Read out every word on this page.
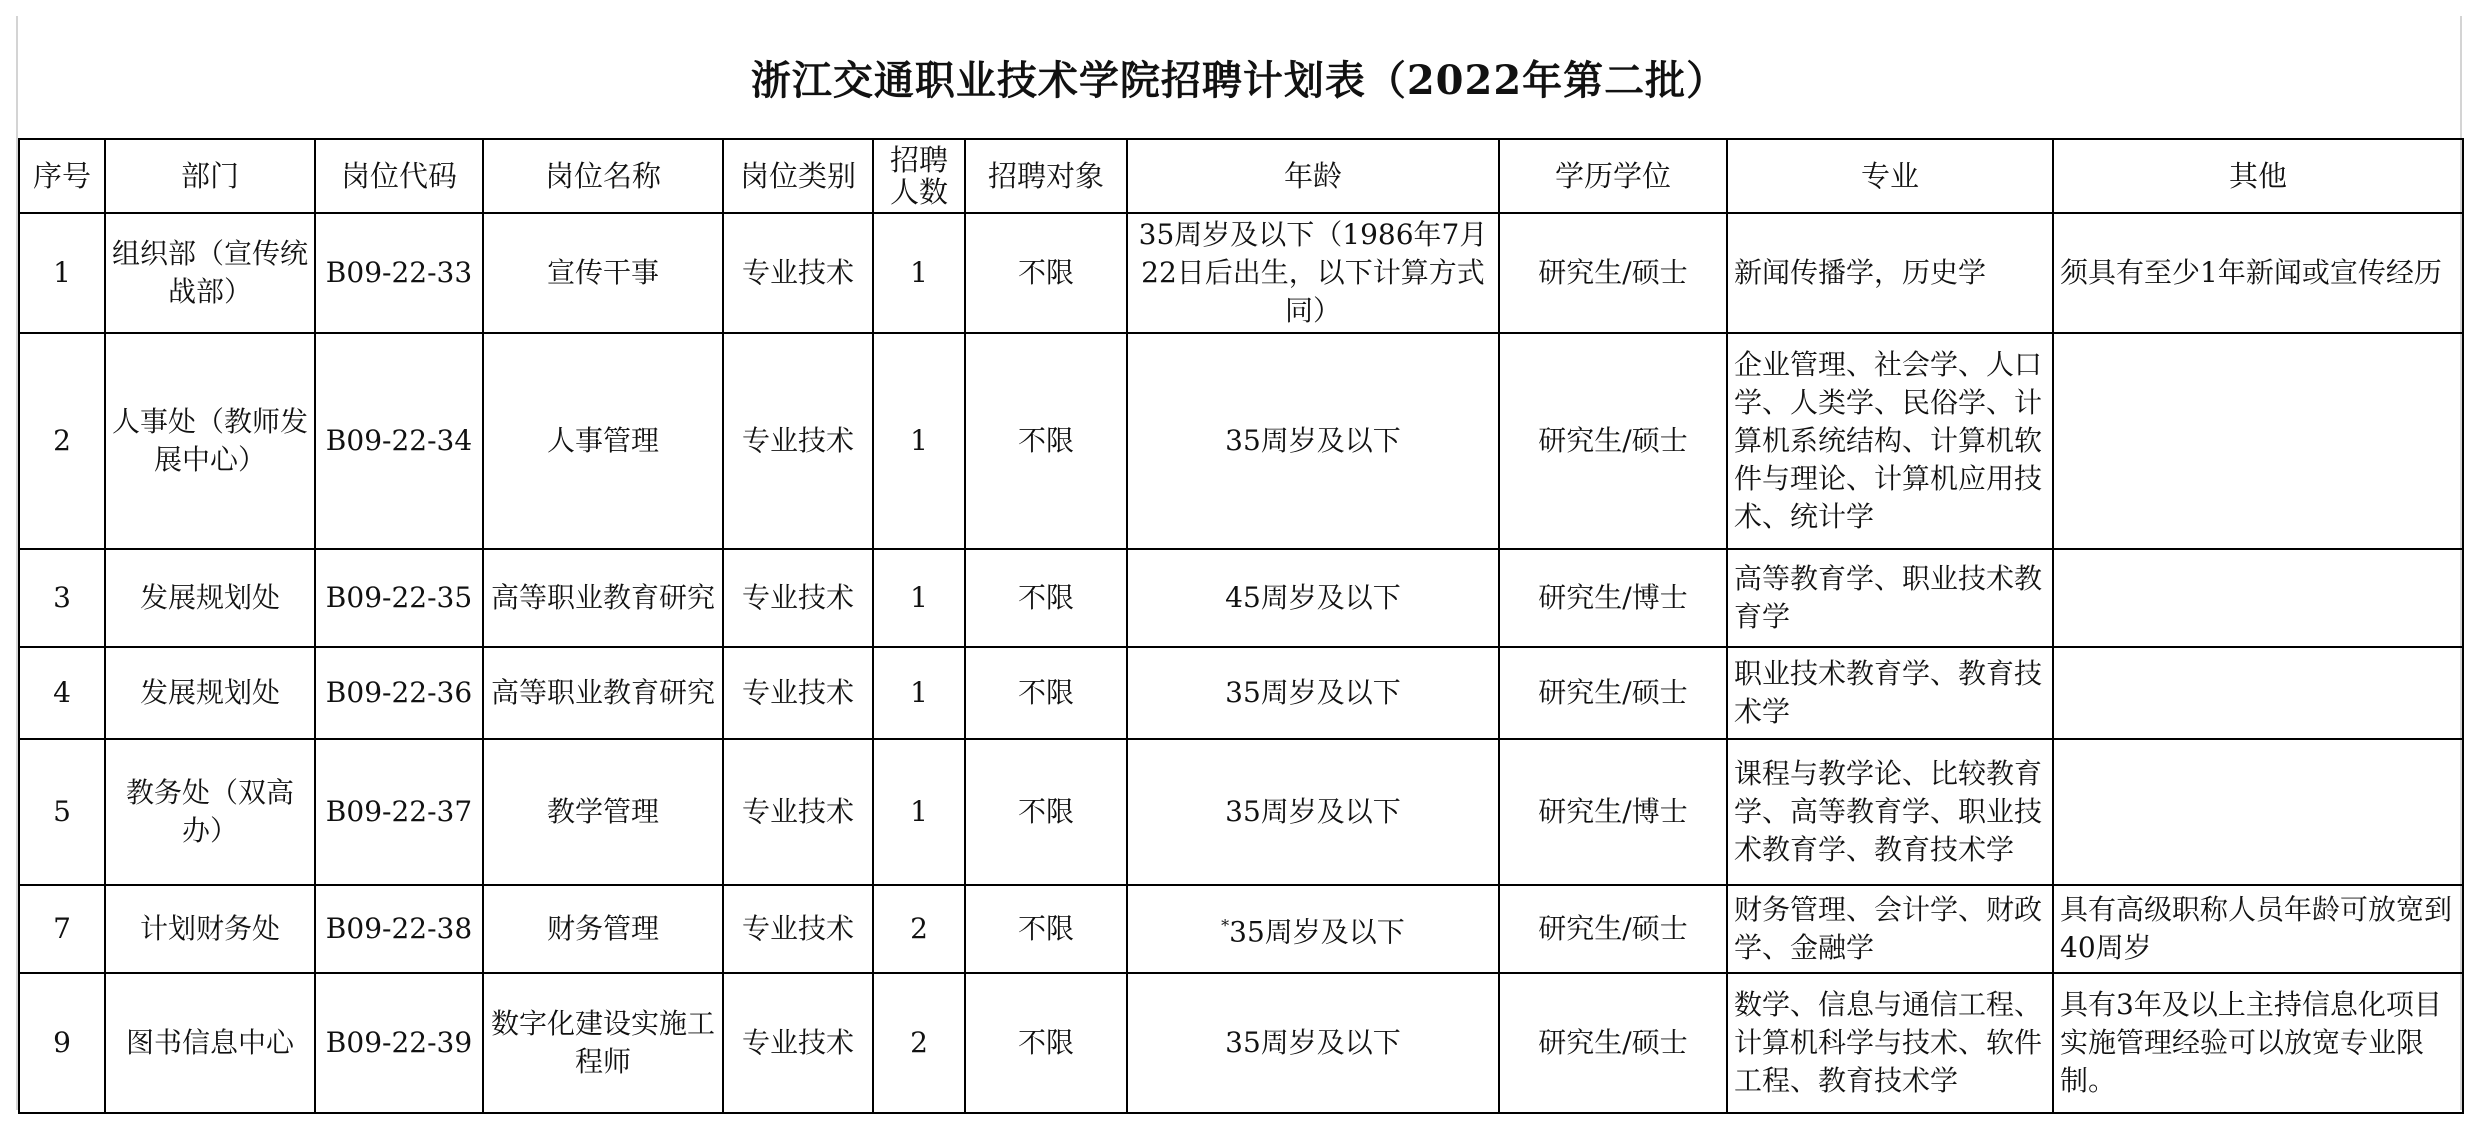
浙江交通职业技术学院招聘计划表（2022年第二批）
序号	部门	岗位代码	岗位名称	岗位类别	招聘人数	招聘对象	年龄	学历学位	专业	其他
1	组织部（宣传统战部）	B09-22-33	宣传干事	专业技术	1	不限	35周岁及以下（1986年7月22日后出生，以下计算方式同）	研究生/硕士	新闻传播学，历史学	须具有至少1年新闻或宣传经历
2	人事处（教师发展中心）	B09-22-34	人事管理	专业技术	1	不限	35周岁及以下	研究生/硕士	企业管理、社会学、人口学、人类学、民俗学、计算机系统结构、计算机软件与理论、计算机应用技术、统计学	
3	发展规划处	B09-22-35	高等职业教育研究	专业技术	1	不限	45周岁及以下	研究生/博士	高等教育学、职业技术教育学	
4	发展规划处	B09-22-36	高等职业教育研究	专业技术	1	不限	35周岁及以下	研究生/硕士	职业技术教育学、教育技术学	
5	教务处（双高办）	B09-22-37	教学管理	专业技术	1	不限	35周岁及以下	研究生/博士	课程与教学论、比较教育学、高等教育学、职业技术教育学、教育技术学	
7	计划财务处	B09-22-38	财务管理	专业技术	2	不限	*35周岁及以下	研究生/硕士	财务管理、会计学、财政学、金融学	具有高级职称人员年龄可放宽到40周岁
9	图书信息中心	B09-22-39	数字化建设实施工程师	专业技术	2	不限	35周岁及以下	研究生/硕士	数学、信息与通信工程、计算机科学与技术、软件工程、教育技术学	具有3年及以上主持信息化项目实施管理经验可以放宽专业限制。
